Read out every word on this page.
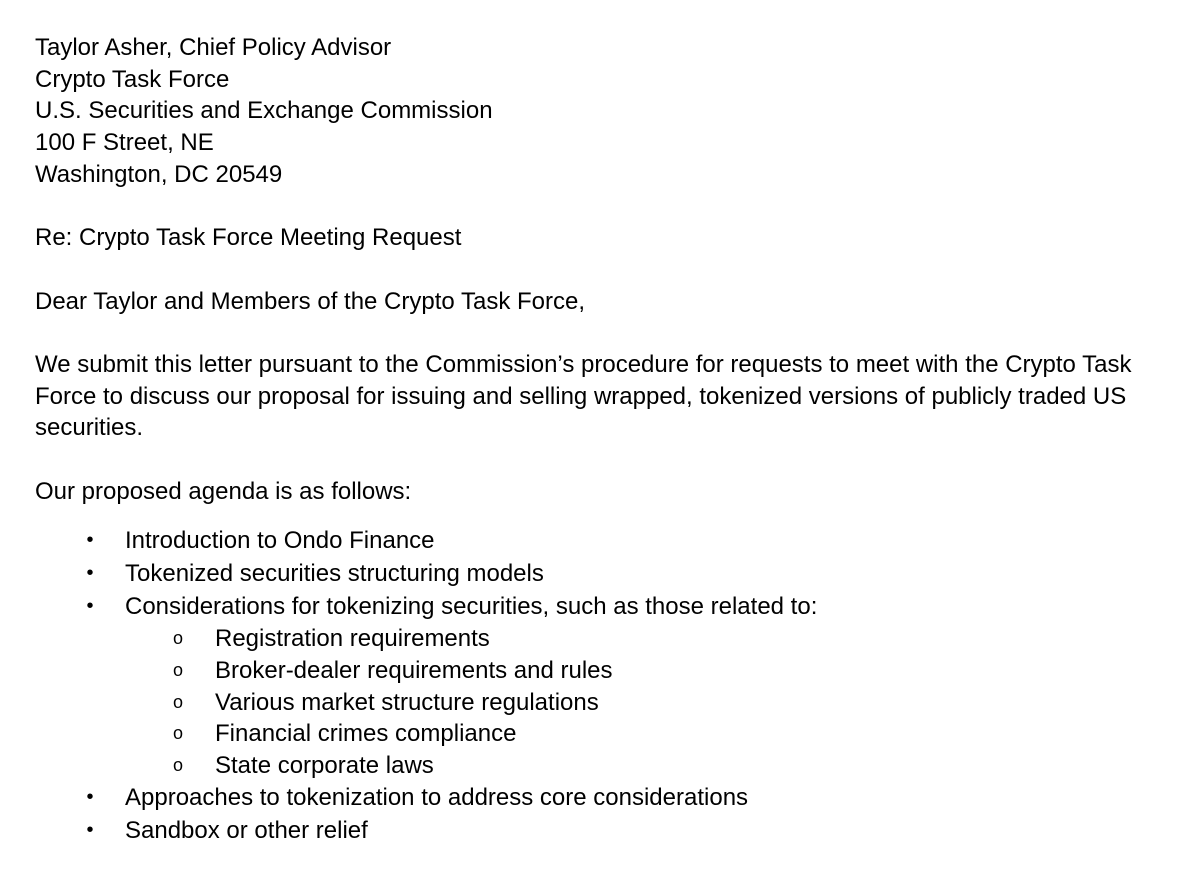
Taylor Asher, Chief Policy Advisor
Crypto Task Force
U.S. Securities and Exchange Commission
100 F Street, NE
Washington, DC 20549
Re: Crypto Task Force Meeting Request
Dear Taylor and Members of the Crypto Task Force,
We submit this letter pursuant to the Commission’s procedure for requests to meet with the Crypto Task Force to discuss our proposal for issuing and selling wrapped, tokenized versions of publicly traded US securities.
Our proposed agenda is as follows:
• Introduction to Ondo Finance
• Tokenized securities structuring models
• Considerations for tokenizing securities, such as those related to:
o Registration requirements
o Broker-dealer requirements and rules
o Various market structure regulations
o Financial crimes compliance
o State corporate laws
• Approaches to tokenization to address core considerations
• Sandbox or other relief
